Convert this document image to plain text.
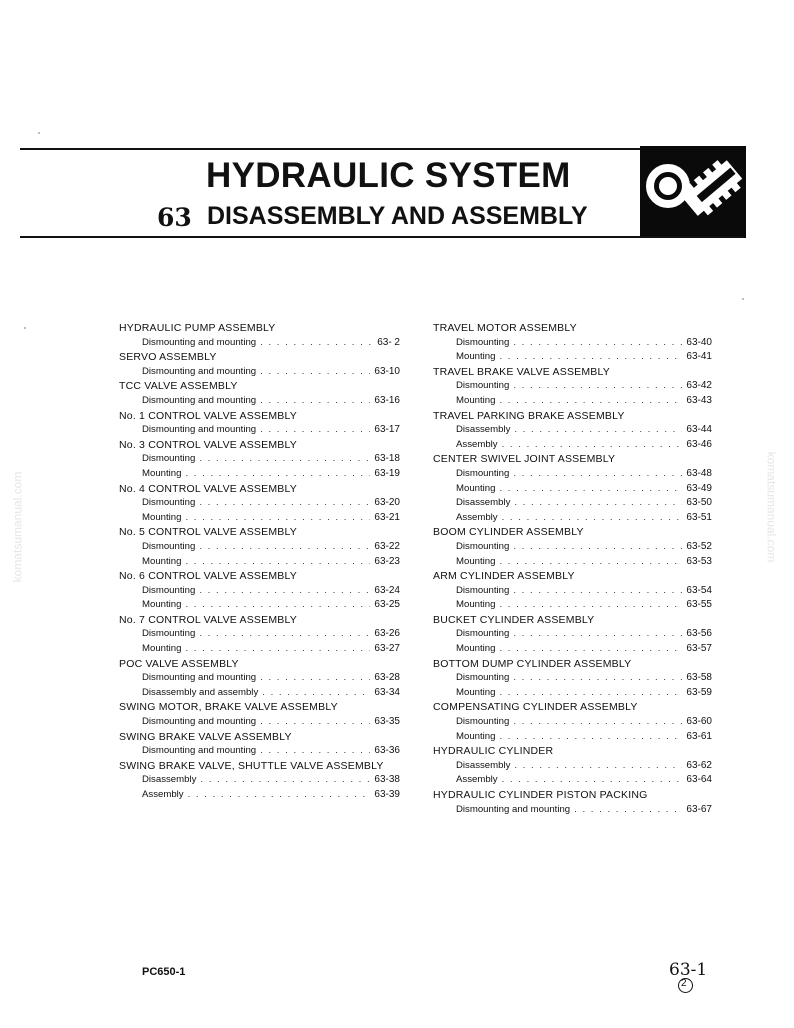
HYDRAULIC SYSTEM
63 DISASSEMBLY AND ASSEMBLY
komatsumanual.com	komatsumanual.com
HYDRAULIC PUMP ASSEMBLY
Dismounting and mounting . . .	63- 2
SERVO ASSEMBLY
Dismounting and mounting . . .	63-10
TCC VALVE ASSEMBLY
Dismounting and mounting . . .	63-16
No. 1 CONTROL VALVE ASSEMBLY
Dismounting and mounting . . .	63-17
No. 3 CONTROL VALVE ASSEMBLY
Dismounting . . .	63-18
Mounting . . .	63-19
No. 4 CONTROL VALVE ASSEMBLY
Dismounting . . .	63-20
Mounting . . .	63-21
No. 5 CONTROL VALVE ASSEMBLY
Dismounting . . .	63-22
Mounting . . .	63-23
No. 6 CONTROL VALVE ASSEMBLY
Dismounting . . .	63-24
Mounting . . .	63-25
No. 7 CONTROL VALVE ASSEMBLY
Dismounting . . .	63-26
Mounting . . .	63-27
POC VALVE ASSEMBLY
Dismounting and mounting . . .	63-28
Disassembly and assembly . . .	63-34
SWING MOTOR, BRAKE VALVE ASSEMBLY
Dismounting and mounting . . .	63-35
SWING BRAKE VALVE ASSEMBLY
Dismounting and mounting . . .	63-36
SWING BRAKE VALVE, SHUTTLE VALVE ASSEMBLY
Disassembly . . .	63-38
Assembly . . .	63-39
TRAVEL MOTOR ASSEMBLY
Dismounting . . .	63-40
Mounting . . .	63-41
TRAVEL BRAKE VALVE ASSEMBLY
Dismounting . . .	63-42
Mounting . . .	63-43
TRAVEL PARKING BRAKE ASSEMBLY
Disassembly . . .	63-44
Assembly . . .	63-46
CENTER SWIVEL JOINT ASSEMBLY
Dismounting . . .	63-48
Mounting . . .	63-49
Disassembly . . .	63-50
Assembly . . .	63-51
BOOM CYLINDER ASSEMBLY
Dismounting . . .	63-52
Mounting . . .	63-53
ARM CYLINDER ASSEMBLY
Dismounting . . .	63-54
Mounting . . .	63-55
BUCKET CYLINDER ASSEMBLY
Dismounting . . .	63-56
Mounting . . .	63-57
BOTTOM DUMP CYLINDER ASSEMBLY
Dismounting . . .	63-58
Mounting . . .	63-59
COMPENSATING CYLINDER ASSEMBLY
Dismounting . . .	63-60
Mounting . . .	63-61
HYDRAULIC CYLINDER
Disassembly . . .	63-62
Assembly . . .	63-64
HYDRAULIC CYLINDER PISTON PACKING
Dismounting and mounting . . .	63-67
PC650-1	63-1
2
